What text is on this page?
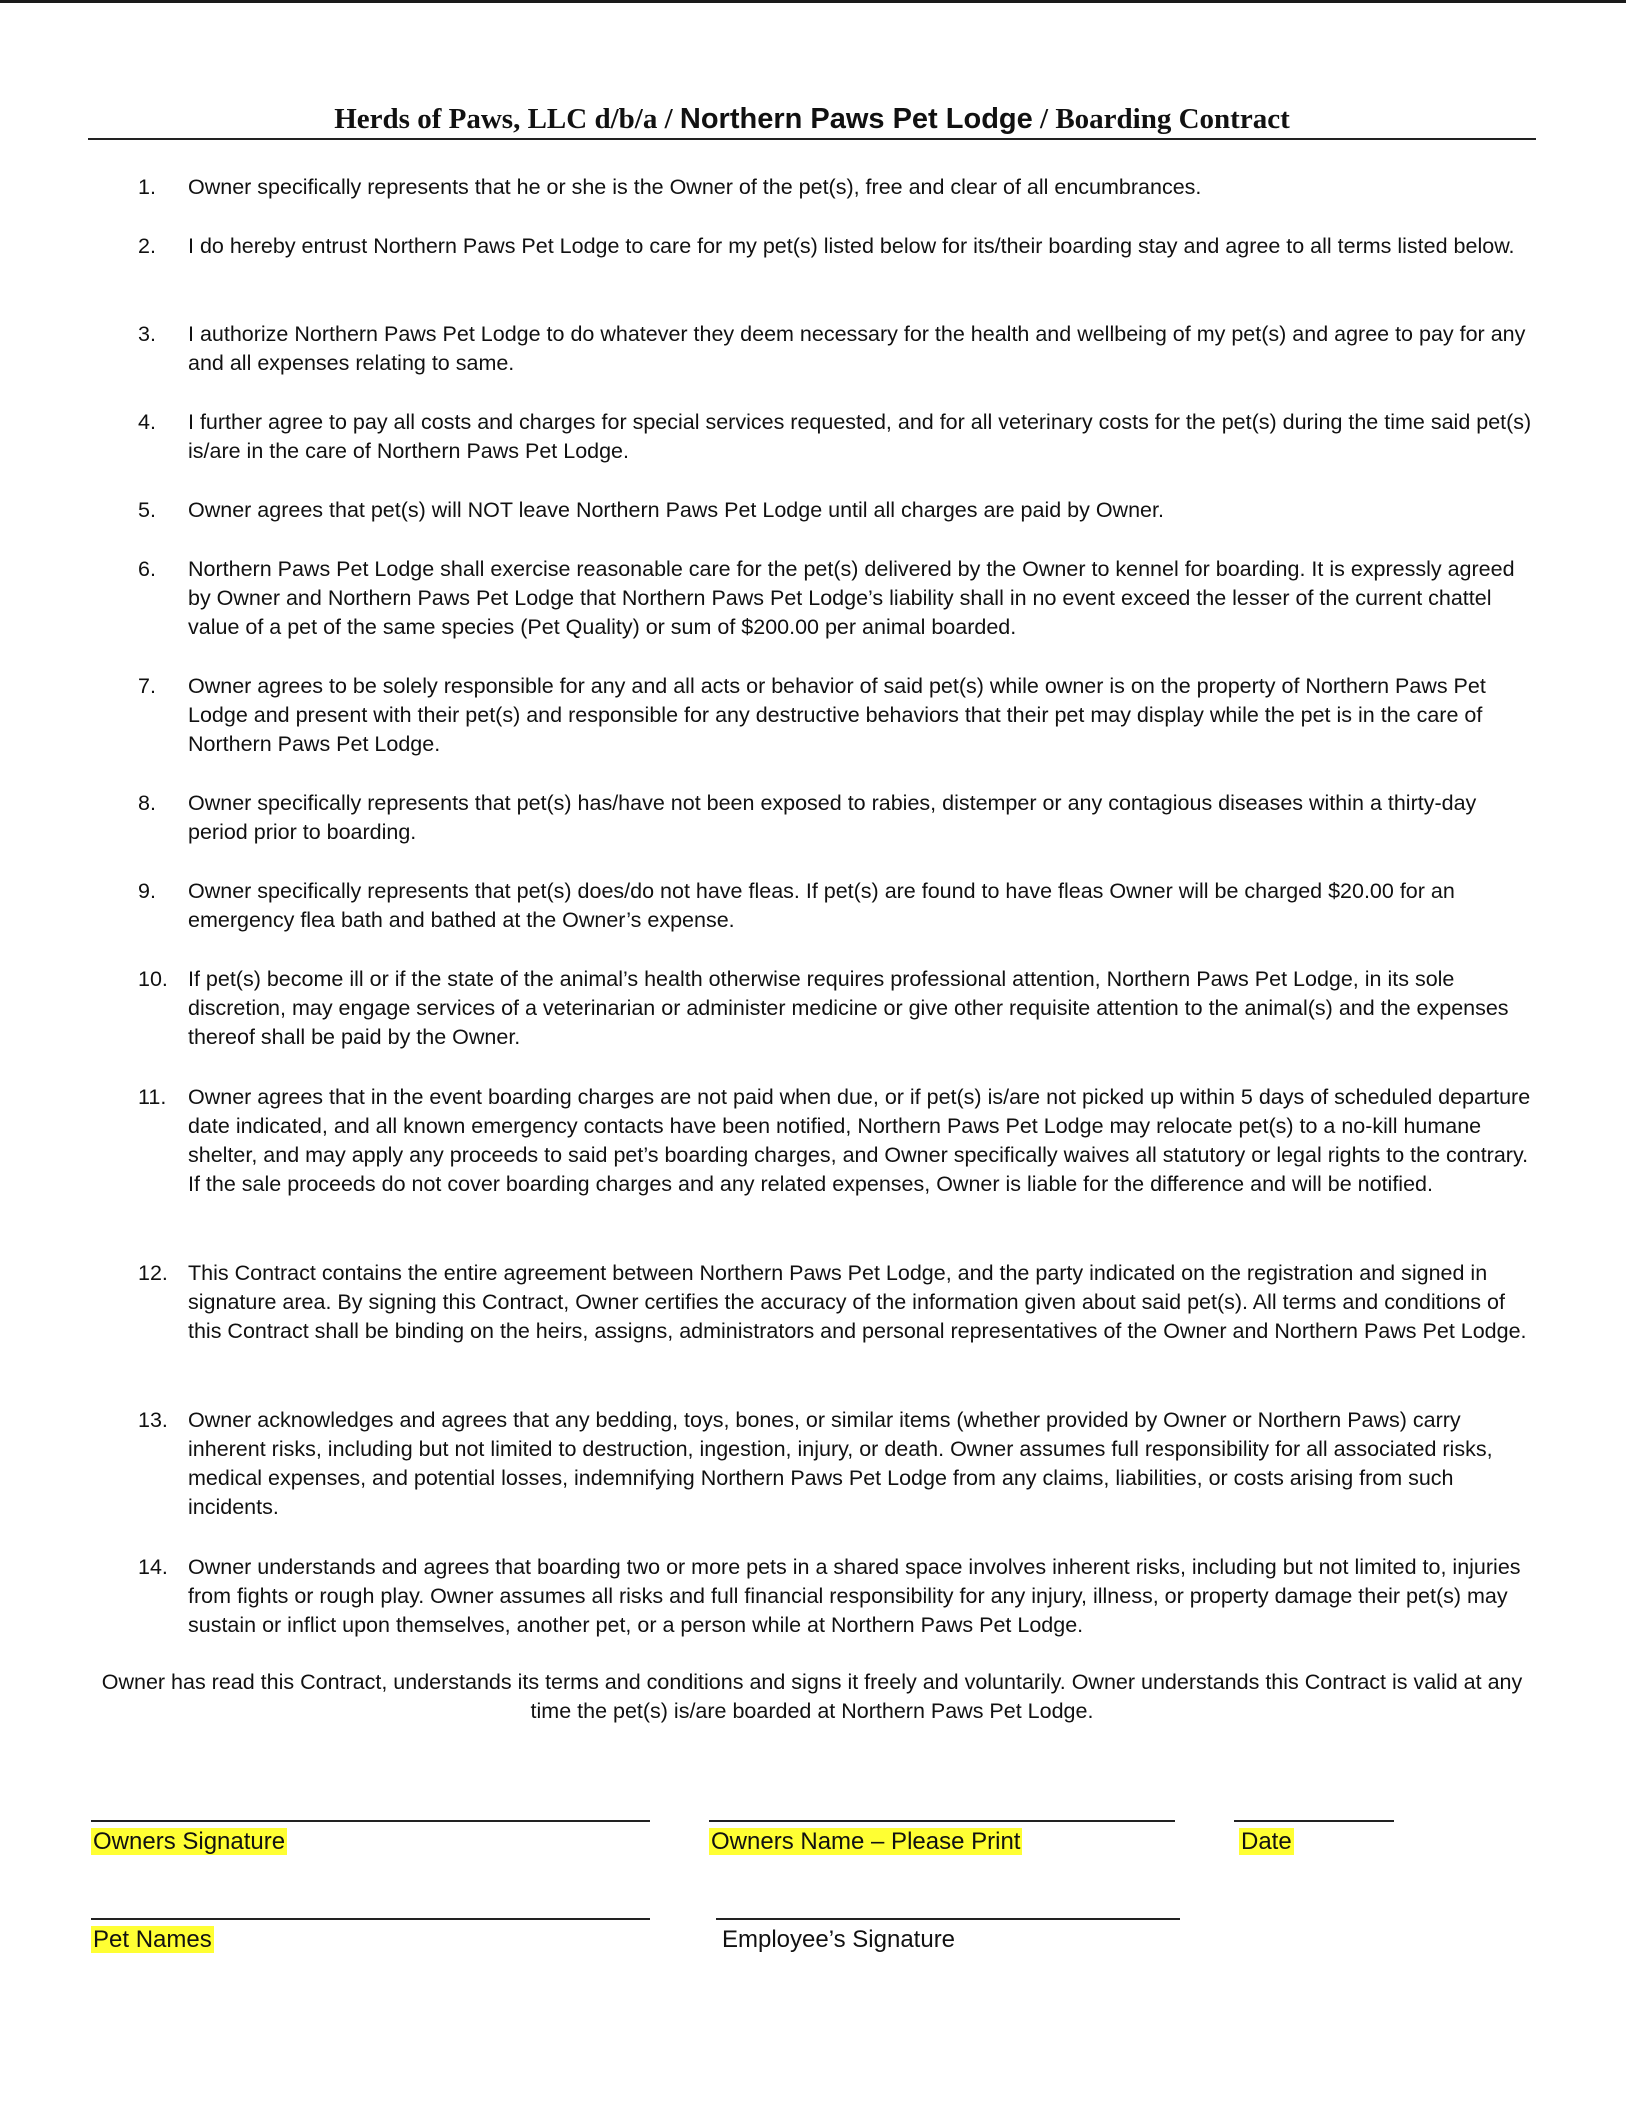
Herds of Paws, LLC d/b/a / Northern Paws Pet Lodge / Boarding Contract
1.	Owner specifically represents that he or she is the Owner of the pet(s), free and clear of all encumbrances.
2.	I do hereby entrust Northern Paws Pet Lodge to care for my pet(s) listed below for its/their boarding stay and agree to all terms listed below.
3.	I authorize Northern Paws Pet Lodge to do whatever they deem necessary for the health and wellbeing of my pet(s) and agree to pay for any and all expenses relating to same.
4.	I further agree to pay all costs and charges for special services requested, and for all veterinary costs for the pet(s) during the time said pet(s) is/are in the care of Northern Paws Pet Lodge.
5.	Owner agrees that pet(s) will NOT leave Northern Paws Pet Lodge until all charges are paid by Owner.
6.	Northern Paws Pet Lodge shall exercise reasonable care for the pet(s) delivered by the Owner to kennel for boarding. It is expressly agreed by Owner and Northern Paws Pet Lodge that Northern Paws Pet Lodge’s liability shall in no event exceed the lesser of the current chattel value of a pet of the same species (Pet Quality) or sum of $200.00 per animal boarded.
7.	Owner agrees to be solely responsible for any and all acts or behavior of said pet(s) while owner is on the property of Northern Paws Pet Lodge and present with their pet(s) and responsible for any destructive behaviors that their pet may display while the pet is in the care of Northern Paws Pet Lodge.
8.	Owner specifically represents that pet(s) has/have not been exposed to rabies, distemper or any contagious diseases within a thirty-day period prior to boarding.
9.	Owner specifically represents that pet(s) does/do not have fleas. If pet(s) are found to have fleas Owner will be charged $20.00 for an emergency flea bath and bathed at the Owner’s expense.
10. If pet(s) become ill or if the state of the animal’s health otherwise requires professional attention, Northern Paws Pet Lodge, in its sole discretion, may engage services of a veterinarian or administer medicine or give other requisite attention to the animal(s) and the expenses thereof shall be paid by the Owner.
11.	Owner agrees that in the event boarding charges are not paid when due, or if pet(s) is/are not picked up within 5 days of scheduled departure date indicated, and all known emergency contacts have been notified, Northern Paws Pet Lodge may relocate pet(s) to a no-kill humane shelter, and may apply any proceeds to said pet’s boarding charges, and Owner specifically waives all statutory or legal rights to the contrary. If the sale proceeds do not cover boarding charges and any related expenses, Owner is liable for the difference and will be notified.
12. This Contract contains the entire agreement between Northern Paws Pet Lodge, and the party indicated on the registration and signed in signature area. By signing this Contract, Owner certifies the accuracy of the information given about said pet(s). All terms and conditions of this Contract shall be binding on the heirs, assigns, administrators and personal representatives of the Owner and Northern Paws Pet Lodge.
13. Owner acknowledges and agrees that any bedding, toys, bones, or similar items (whether provided by Owner or Northern Paws) carry inherent risks, including but not limited to destruction, ingestion, injury, or death. Owner assumes full responsibility for all associated risks, medical expenses, and potential losses, indemnifying Northern Paws Pet Lodge from any claims, liabilities, or costs arising from such incidents.
14. Owner understands and agrees that boarding two or more pets in a shared space involves inherent risks, including but not limited to, injuries from fights or rough play. Owner assumes all risks and full financial responsibility for any injury, illness, or property damage their pet(s) may sustain or inflict upon themselves, another pet, or a person while at Northern Paws Pet Lodge.
Owner has read this Contract, understands its terms and conditions and signs it freely and voluntarily. Owner understands this Contract is valid at any time the pet(s) is/are boarded at Northern Paws Pet Lodge.
Owners Signature	Owners Name – Please Print	Date
Pet Names	Employee’s Signature
